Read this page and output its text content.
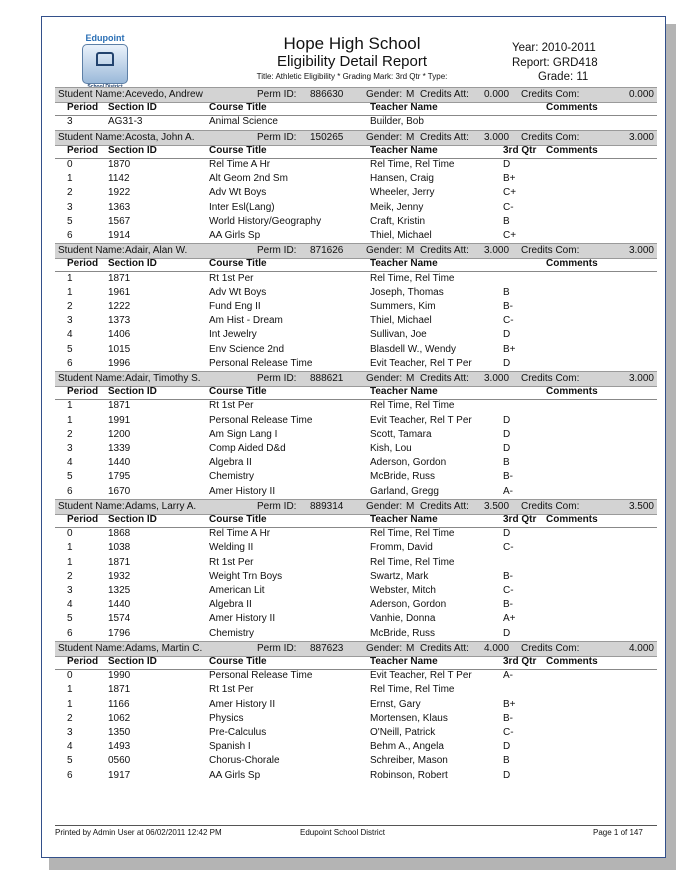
Edupoint	Hope High School
Eligibility Detail Report
Title: Athletic Eligibility * Grading Mark: 3rd Qtr * Type:
Year: 2010-2011
Report: GRD418
Grade: 11
Student Name: Acevedo, Andrew	Perm ID: 886630 Gender: M Credits Att: 0.000 Credits Com:	0.000
Period Section ID	Course Title	Teacher Name	Comments
3	AG31-3	Animal Science	Builder, Bob
Student Name: Acosta, John A.	Perm ID: 150265 Gender: M Credits Att: 3.000 Credits Com:	3.000
Period Section ID	Course Title	Teacher Name	3rd Qtr Comments
0	1870	Rel Time A Hr	Rel Time, Rel Time	D
1	1142	Alt Geom 2nd Sm	Hansen, Craig	B+
2	1922	Adv Wt Boys	Wheeler, Jerry	C+
3	1363	Inter Esl(Lang)	Meik, Jenny	C-
5	1567	World History/Geography	Craft, Kristin	B
6	1914	AA Girls Sp	Thiel, Michael	C+
Student Name: Adair, Alan W.	Perm ID: 871626 Gender: M Credits Att: 3.000 Credits Com:	3.000
Period Section ID	Course Title	Teacher Name	Comments
1	1871	Rt 1st Per	Rel Time, Rel Time
1	1961	Adv Wt Boys	Joseph, Thomas	B
2	1222	Fund Eng II	Summers, Kim	B-
3	1373	Am Hist - Dream	Thiel, Michael	C-
4	1406	Int Jewelry	Sullivan, Joe	D
5	1015	Env Science 2nd	Blasdell W., Wendy	B+
6	1996	Personal Release Time	Evit Teacher, Rel T Per	D
Student Name: Adair, Timothy S.	Perm ID: 888621 Gender: M Credits Att: 3.000 Credits Com:	3.000
Period Section ID	Course Title	Teacher Name	Comments
1	1871	Rt 1st Per	Rel Time, Rel Time
1	1991	Personal Release Time	Evit Teacher, Rel T Per	D
2	1200	Am Sign Lang I	Scott, Tamara	D
3	1339	Comp Aided D&d	Kish, Lou	D
4	1440	Algebra II	Aderson, Gordon	B
5	1795	Chemistry	McBride, Russ	B-
6	1670	Amer History II	Garland, Gregg	A-
Student Name: Adams, Larry A.	Perm ID: 889314 Gender: M Credits Att: 3.500 Credits Com:	3.500
Period Section ID	Course Title	Teacher Name	3rd Qtr Comments
0	1868	Rel Time A Hr	Rel Time, Rel Time	D
1	1038	Welding II	Fromm, David	C-
1	1871	Rt 1st Per	Rel Time, Rel Time
2	1932	Weight Trn Boys	Swartz, Mark	B-
3	1325	American Lit	Webster, Mitch	C-
4	1440	Algebra II	Aderson, Gordon	B-
5	1574	Amer History II	Vanhie, Donna	A+
6	1796	Chemistry	McBride, Russ	D
Student Name: Adams, Martin C.	Perm ID: 887623 Gender: M Credits Att: 4.000 Credits Com:	4.000
Period Section ID	Course Title	Teacher Name	3rd Qtr Comments
0	1990	Personal Release Time	Evit Teacher, Rel T Per	A-
1	1871	Rt 1st Per	Rel Time, Rel Time
1	1166	Amer History II	Ernst, Gary	B+
2	1062	Physics	Mortensen, Klaus	B-
3	1350	Pre-Calculus	O'Neill, Patrick	C-
4	1493	Spanish I	Behm A., Angela	D
5	0560	Chorus-Chorale	Schreiber, Mason	B
6	1917	AA Girls Sp	Robinson, Robert	D
Printed by Admin User at 06/02/2011 12:42 PM	Edupoint School District	Page 1 of 147
